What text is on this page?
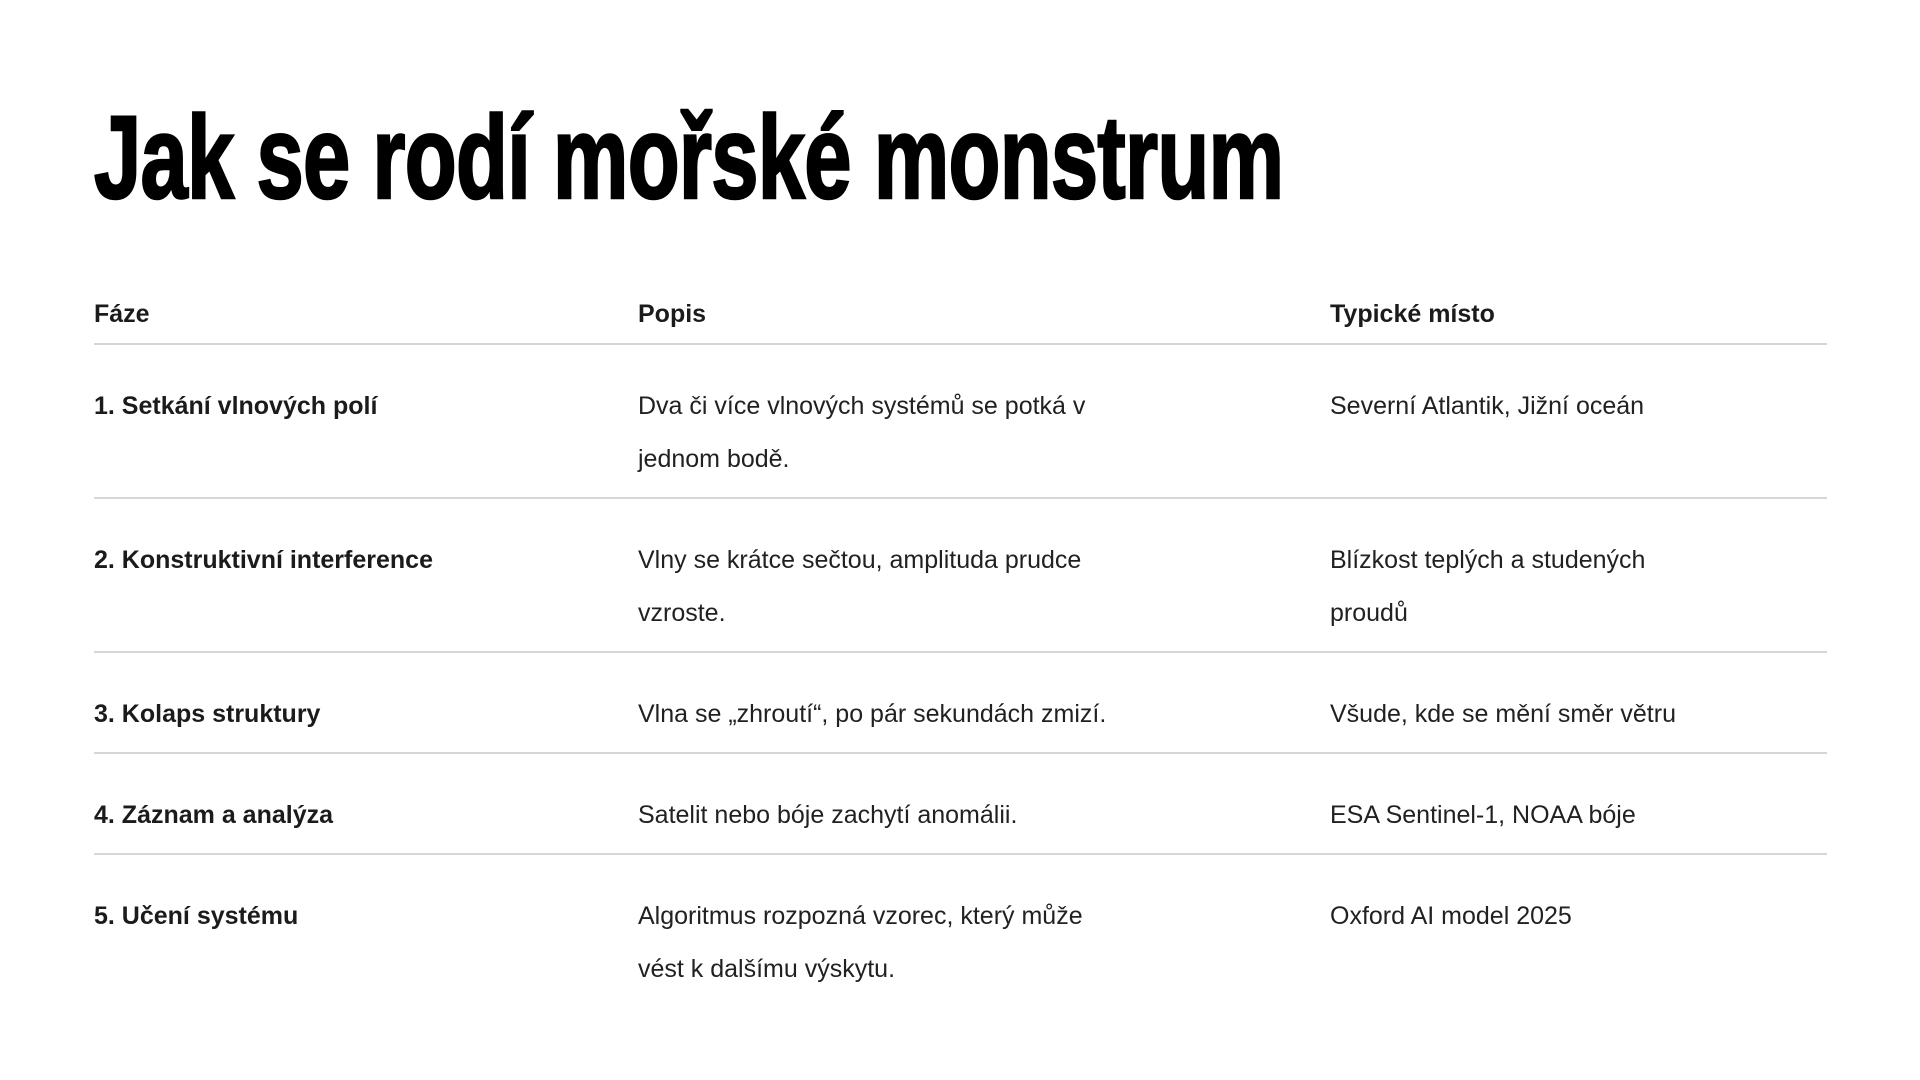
Jak se rodí mořské monstrum
Fáze	Popis	Typické místo
1. Setkání vlnových polí	Dva či více vlnových systémů se potká v jednom bodě.	Severní Atlantik, Jižní oceán
2. Konstruktivní interference	Vlny se krátce sečtou, amplituda prudce vzroste.	Blízkost teplých a studených proudů
3. Kolaps struktury	Vlna se „zhroutí“, po pár sekundách zmizí.	Všude, kde se mění směr větru
4. Záznam a analýza	Satelit nebo bóje zachytí anomálii.	ESA Sentinel-1, NOAA bóje
5. Učení systému	Algoritmus rozpozná vzorec, který může vést k dalšímu výskytu.	Oxford AI model 2025
